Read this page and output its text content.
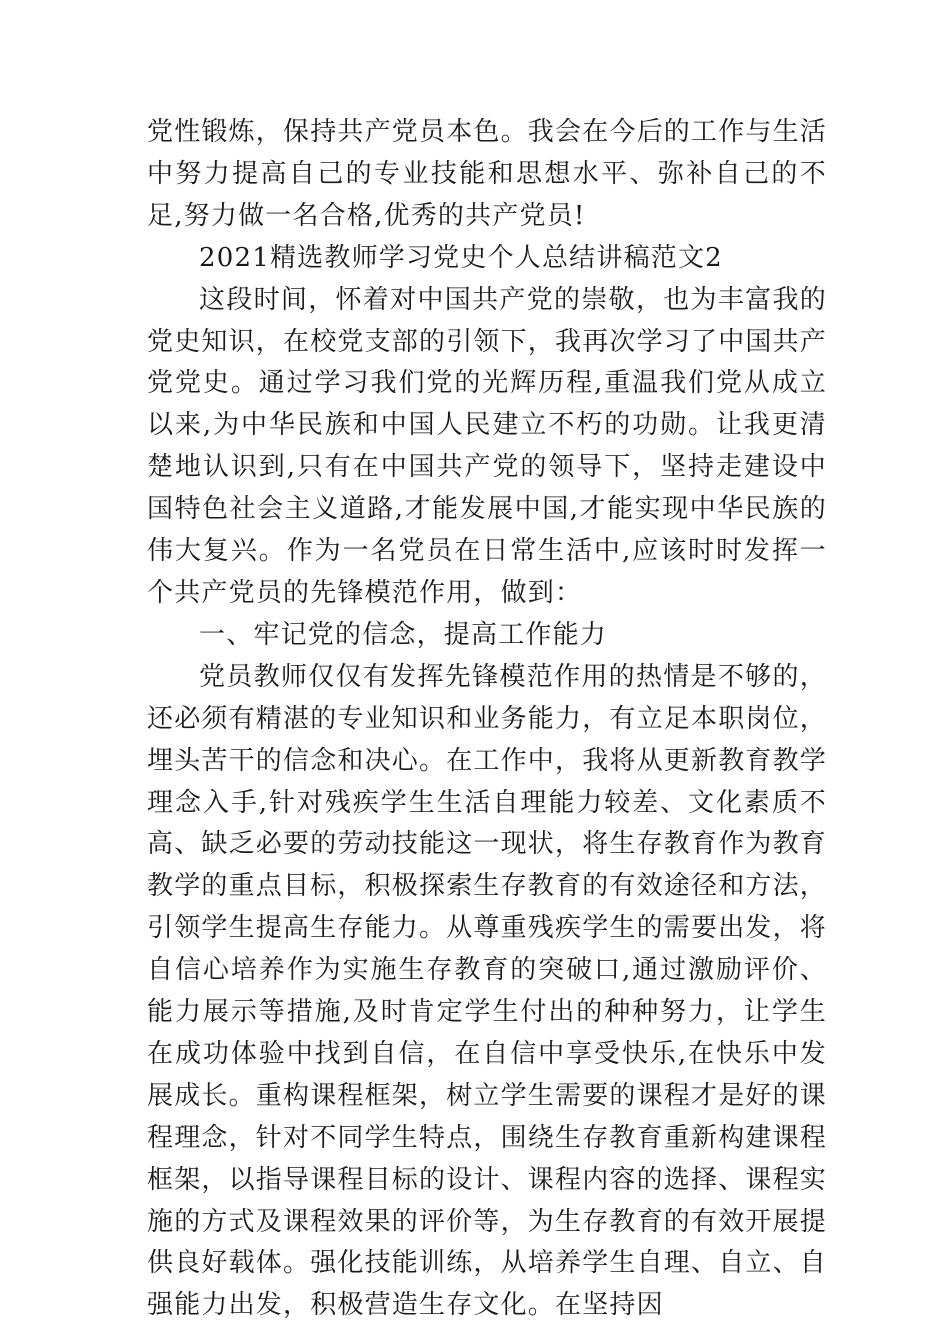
党性锻炼，保持共产党员本色。我会在今后的工作与生活中努力提高自己的专业技能和思想水平、弥补自己的不足,努力做一名合格,优秀的共产党员!

2021精选教师学习党史个人总结讲稿范文2

这段时间，怀着对中国共产党的崇敬，也为丰富我的党史知识，在校党支部的引领下，我再次学习了中国共产党党史。通过学习我们党的光辉历程,重温我们党从成立以来,为中华民族和中国人民建立不朽的功勋。让我更清楚地认识到,只有在中国共产党的领导下，坚持走建设中国特色社会主义道路,才能发展中国,才能实现中华民族的伟大复兴。作为一名党员在日常生活中,应该时时发挥一个共产党员的先锋模范作用，做到：

一、牢记党的信念，提高工作能力

党员教师仅仅有发挥先锋模范作用的热情是不够的，还必须有精湛的专业知识和业务能力，有立足本职岗位，埋头苦干的信念和决心。在工作中，我将从更新教育教学理念入手,针对残疾学生生活自理能力较差、文化素质不高、缺乏必要的劳动技能这一现状，将生存教育作为教育教学的重点目标，积极探索生存教育的有效途径和方法，引领学生提高生存能力。从尊重残疾学生的需要出发，将自信心培养作为实施生存教育的突破口,通过激励评价、能力展示等措施,及时肯定学生付出的种种努力，让学生在成功体验中找到自信，在自信中享受快乐,在快乐中发展成长。重构课程框架，树立学生需要的课程才是好的课程理念，针对不同学生特点，围绕生存教育重新构建课程框架，以指导课程目标的设计、课程内容的选择、课程实施的方式及课程效果的评价等，为生存教育的有效开展提供良好载体。强化技能训练，从培养学生自理、自立、自强能力出发，积极营造生存文化。在坚持因
